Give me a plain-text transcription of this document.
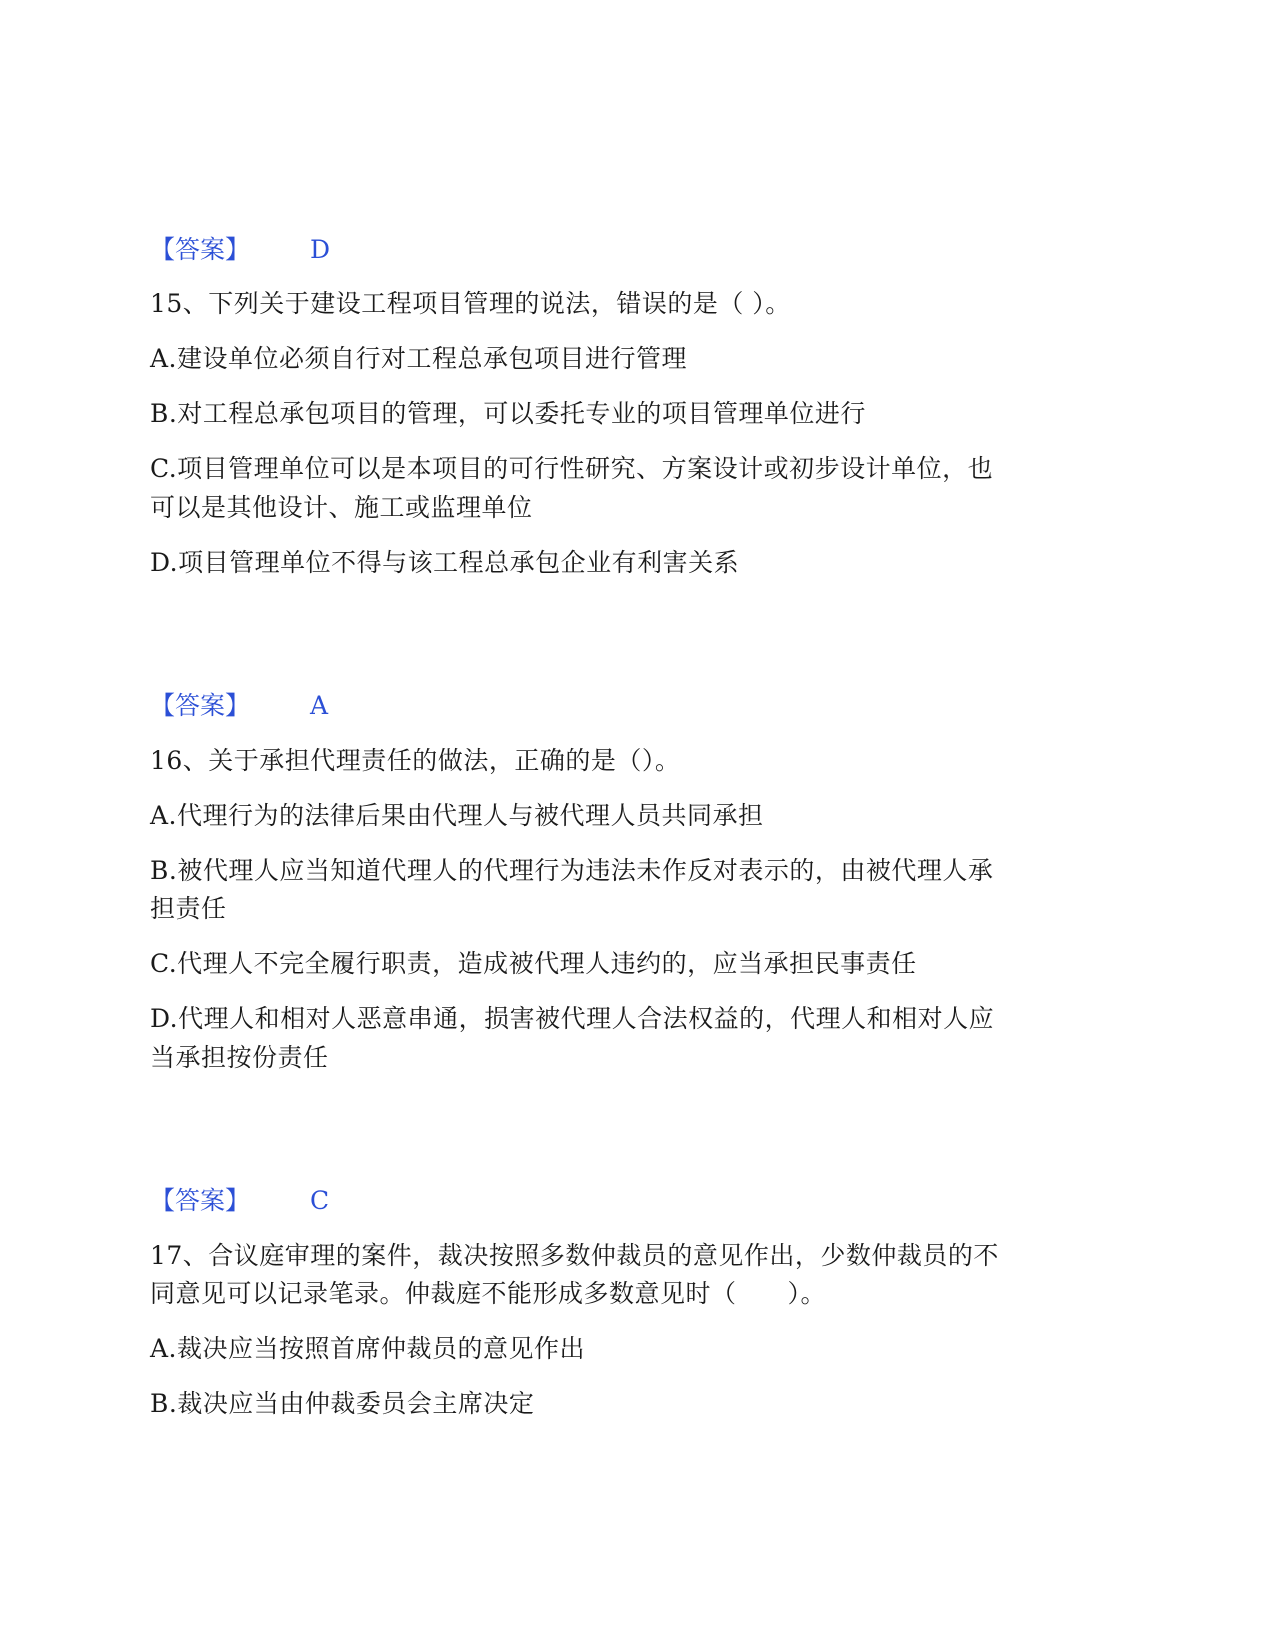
【答案】 D
15、下列关于建设工程项目管理的说法，错误的是（ ）。
A.建设单位必须自行对工程总承包项目进行管理
B.对工程总承包项目的管理，可以委托专业的项目管理单位进行
C.项目管理单位可以是本项目的可行性研究、方案设计或初步设计单位，也
可以是其他设计、施工或监理单位
D.项目管理单位不得与该工程总承包企业有利害关系
【答案】 A
16、关于承担代理责任的做法，正确的是（）。
A.代理行为的法律后果由代理人与被代理人员共同承担
B.被代理人应当知道代理人的代理行为违法未作反对表示的，由被代理人承
担责任
C.代理人不完全履行职责，造成被代理人违约的，应当承担民事责任
D.代理人和相对人恶意串通，损害被代理人合法权益的，代理人和相对人应
当承担按份责任
【答案】 C
17、合议庭审理的案件，裁决按照多数仲裁员的意见作出，少数仲裁员的不
同意见可以记录笔录。仲裁庭不能形成多数意见时（　　）。
A.裁决应当按照首席仲裁员的意见作出
B.裁决应当由仲裁委员会主席决定
